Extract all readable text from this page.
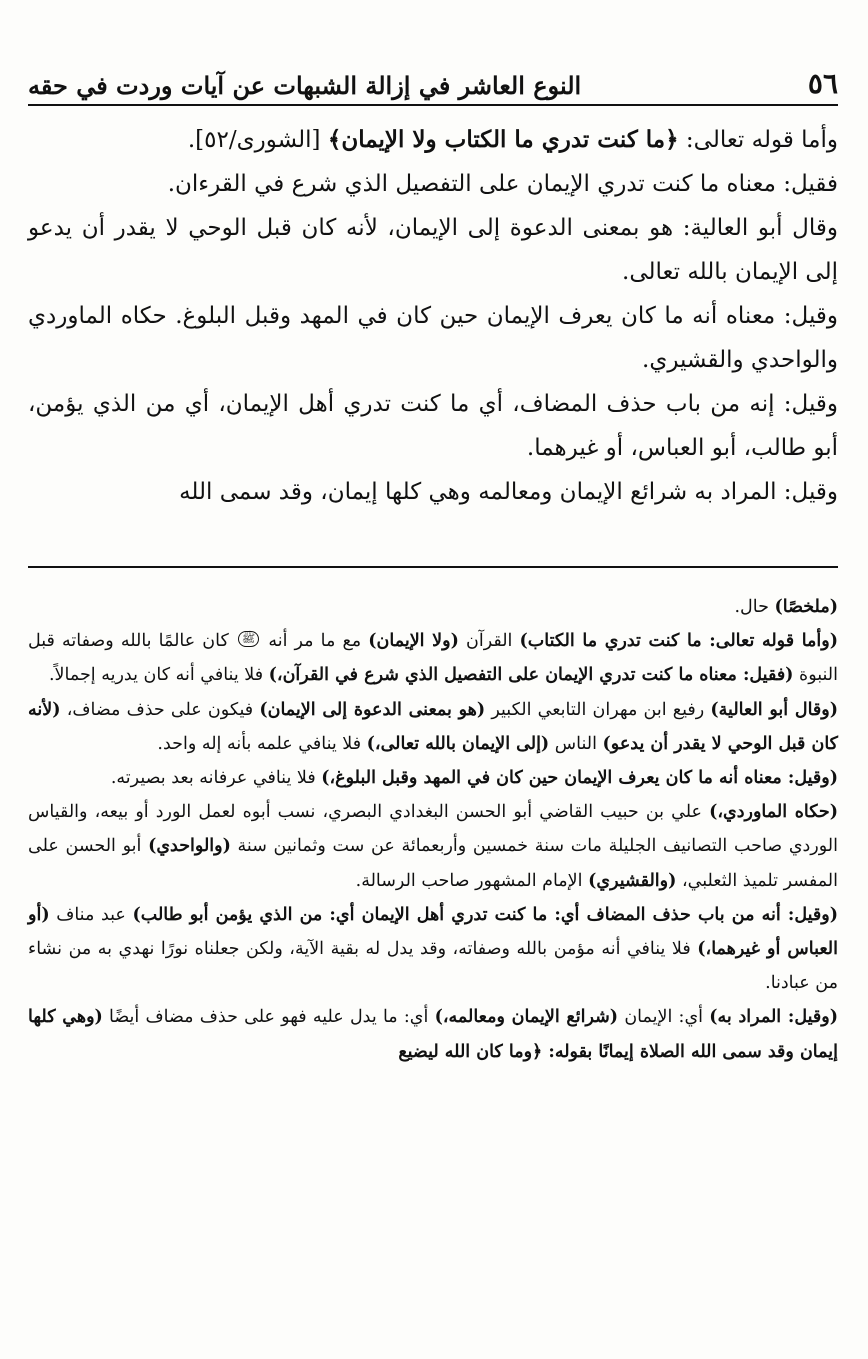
٥٦
النوع العاشر في إزالة الشبهات عن آيات وردت في حقه

وأما قوله تعالى: ﴿ما كنت تدري ما الكتاب ولا الإيمان﴾ [الشورى/٥٢].

فقيل: معناه ما كنت تدري الإيمان على التفصيل الذي شرع في القرءان.

وقال أبو العالية: هو بمعنى الدعوة إلى الإيمان، لأنه كان قبل الوحي لا يقدر أن يدعو إلى الإيمان بالله تعالى.

وقيل: معناه أنه ما كان يعرف الإيمان حين كان في المهد وقبل البلوغ. حكاه الماوردي والواحدي والقشيري.

وقيل: إنه من باب حذف المضاف، أي ما كنت تدري أهل الإيمان، أي من الذي يؤمن، أبو طالب، أبو العباس، أو غيرهما.

وقيل: المراد به شرائع الإيمان ومعالمه وهي كلها إيمان، وقد سمى الله

(ملخصًا) حال.

(وأما قوله تعالى: ما كنت تدري ما الكتاب) القرآن (ولا الإيمان) مع ما مر أنه ﷺ كان عالمًا بالله وصفاته قبل النبوة (فقيل: معناه ما كنت تدري الإيمان على التفصيل الذي شرع في القرآن،) فلا ينافي أنه كان يدريه إجمالاً.

(وقال أبو العالية) رفيع ابن مهران التابعي الكبير (هو بمعنى الدعوة إلى الإيمان) فيكون على حذف مضاف، (لأنه كان قبل الوحي لا يقدر أن يدعو) الناس (إلى الإيمان بالله تعالى،) فلا ينافي علمه بأنه إله واحد.

(وقيل: معناه أنه ما كان يعرف الإيمان حين كان في المهد وقبل البلوغ،) فلا ينافي عرفانه بعد بصيرته.

(حكاه الماوردي،) علي بن حبيب القاضي أبو الحسن البغدادي البصري، نسب أبوه لعمل الورد أو بيعه، والقياس الوردي صاحب التصانيف الجليلة مات سنة خمسين وأربعمائة عن ست وثمانين سنة (والواحدي) أبو الحسن على المفسر تلميذ الثعلبي، (والقشيري) الإمام المشهور صاحب الرسالة.

(وقيل: أنه من باب حذف المضاف أي: ما كنت تدري أهل الإيمان أي: من الذي يؤمن أبو طالب) عبد مناف (أو العباس أو غيرهما،) فلا ينافي أنه مؤمن بالله وصفاته، وقد يدل له بقية الآية، ولكن جعلناه نورًا نهدي به من نشاء من عبادنا.

(وقيل: المراد به) أي: الإيمان (شرائع الإيمان ومعالمه،) أي: ما يدل عليه فهو على حذف مضاف أيضًا (وهي كلها إيمان وقد سمى الله الصلاة إيمانًا بقوله: ﴿وما كان الله ليضيع
